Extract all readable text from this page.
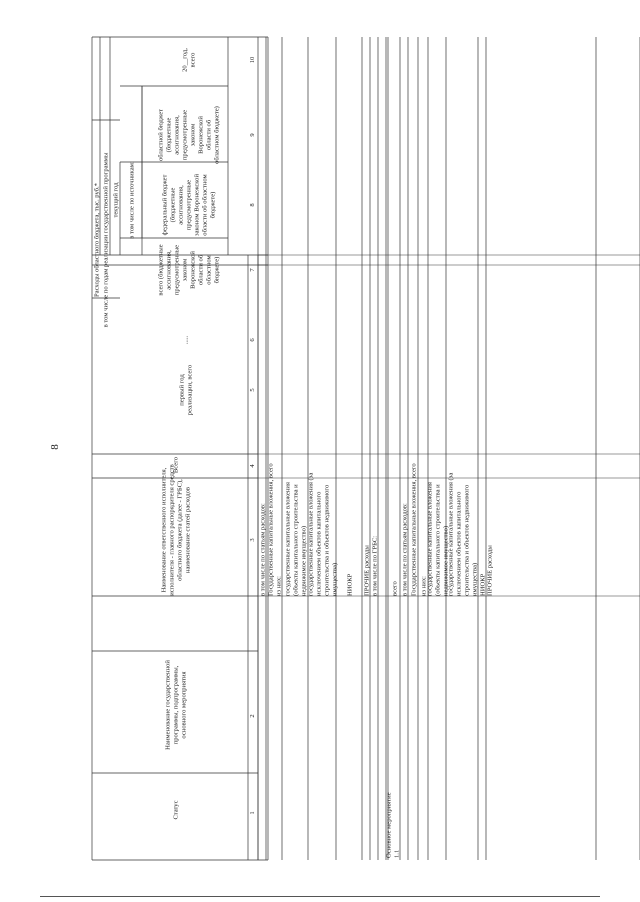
8
Расходы областного бюджета, тыс. руб.* в том числе по годам реализации государственной программы текущий год в том числе по источникам:
Статус
Наименование государственной программы, подпрограммы, основного мероприятия
Наименование ответственного исполнителя, исполнителя - главного распорядителя средств областного бюджета (далее - ГРБС), наименование статей расходов
Всего
первый год реализации, всего
.....
всего (бюджетные ассигнования, предусмотренные законом Воронежской области об областном бюджете)
федеральный бюджет (бюджетные ассигнования, предусмотренные законом Воронежской области об областном бюджете)
областной бюджет (бюджетные ассигнования, предусмотренные законом Воронежской области об областном бюджете)
20__год, всего
1
2
3
4
5
6
7
8
9
10
в том числе по статьям расходов: Государственные капитальные вложения, всего из них: государственные капитальные вложения (объекты капитального строительства и недвижимое имущество) государственные капитальные вложения (за исключением объектов капитального строительства и объектов недвижимого имущества) НИОКР ПРОЧИЕ расходы в том числе по ГРБС:
Основное мероприятие 1.1
всего в том числе по статьям расходов: Государственные капитальные вложения, всего из них: государственные капитальные вложения (объекты капитального строительства и недвижимое имущество)
государственные капитальные вложения (за исключением объектов капитального строительства и объектов недвижимого имущества) НИОКР ПРОЧИЕ расходы
